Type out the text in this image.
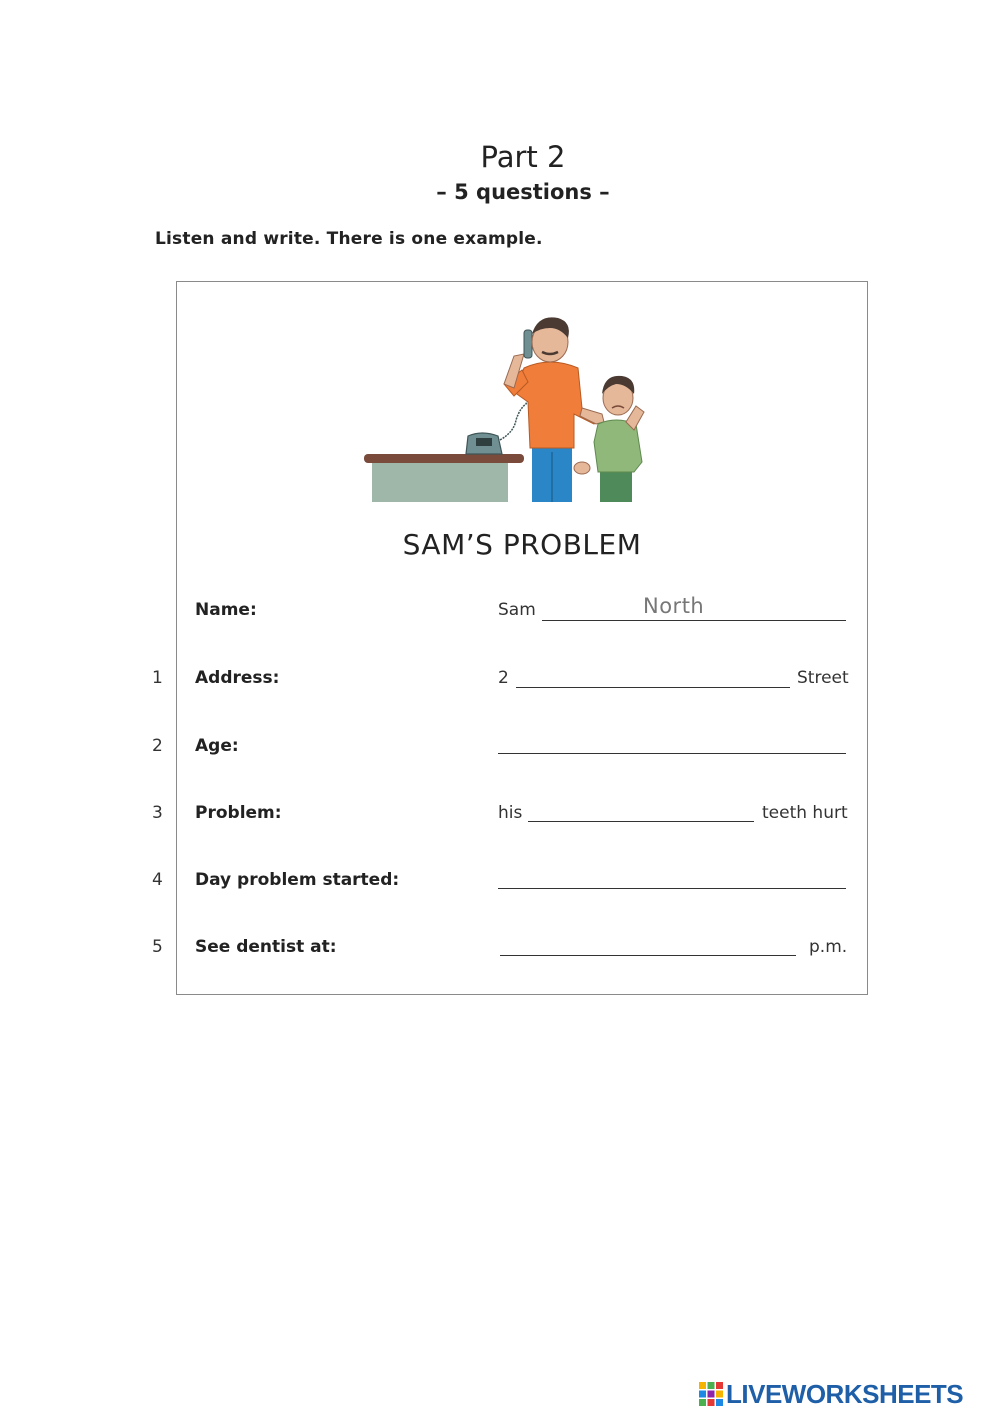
Part 2
– 5 questions –
Listen and write. There is one example.
SAM’S PROBLEM
Name:	Sam	North
1 Address:	2	Street
2 Age:
3 Problem:	his	teeth hurt
4 Day problem started:
5 See dentist at:	p.m.
LIVEWORKSHEETS
